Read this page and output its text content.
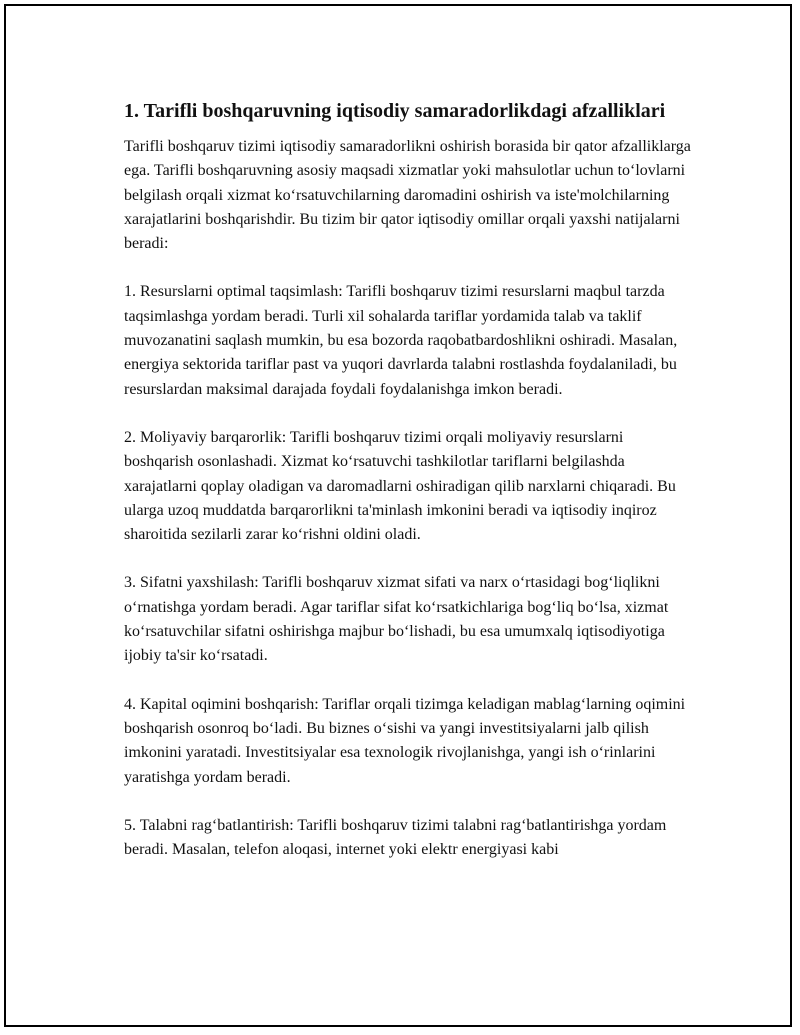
1. Tarifli boshqaruvning iqtisodiy samaradorlikdagi afzalliklari

Tarifli boshqaruv tizimi iqtisodiy samaradorlikni oshirish borasida bir qator afzalliklarga ega. Tarifli boshqaruvning asosiy maqsadi xizmatlar yoki mahsulotlar uchun to‘lovlarni belgilash orqali xizmat ko‘rsatuvchilarning daromadini oshirish va iste'molchilarning xarajatlarini boshqarishdir. Bu tizim bir qator iqtisodiy omillar orqali yaxshi natijalarni beradi:

1. Resurslarni optimal taqsimlash: Tarifli boshqaruv tizimi resurslarni maqbul tarzda taqsimlashga yordam beradi. Turli xil sohalarda tariflar yordamida talab va taklif muvozanatini saqlash mumkin, bu esa bozorda raqobatbardoshlikni oshiradi. Masalan, energiya sektorida tariflar past va yuqori davrlarda talabni rostlashda foydalaniladi, bu resurslardan maksimal darajada foydali foydalanishga imkon beradi.

2. Moliyaviy barqarorlik: Tarifli boshqaruv tizimi orqali moliyaviy resurslarni boshqarish osonlashadi. Xizmat ko‘rsatuvchi tashkilotlar tariflarni belgilashda xarajatlarni qoplay oladigan va daromadlarni oshiradigan qilib narxlarni chiqaradi. Bu ularga uzoq muddatda barqarorlikni ta'minlash imkonini beradi va iqtisodiy inqiroz sharoitida sezilarli zarar ko‘rishni oldini oladi.

3. Sifatni yaxshilash: Tarifli boshqaruv xizmat sifati va narx o‘rtasidagi bog‘liqlikni o‘rnatishga yordam beradi. Agar tariflar sifat ko‘rsatkichlariga bog‘liq bo‘lsa, xizmat ko‘rsatuvchilar sifatni oshirishga majbur bo‘lishadi, bu esa umumxalq iqtisodiyotiga ijobiy ta'sir ko‘rsatadi.

4. Kapital oqimini boshqarish: Tariflar orqali tizimga keladigan mablag‘larning oqimini boshqarish osonroq bo‘ladi. Bu biznes o‘sishi va yangi investitsiyalarni jalb qilish imkonini yaratadi. Investitsiyalar esa texnologik rivojlanishga, yangi ish o‘rinlarini yaratishga yordam beradi.

5. Talabni rag‘batlantirish: Tarifli boshqaruv tizimi talabni rag‘batlantirishga yordam beradi. Masalan, telefon aloqasi, internet yoki elektr energiyasi kabi
